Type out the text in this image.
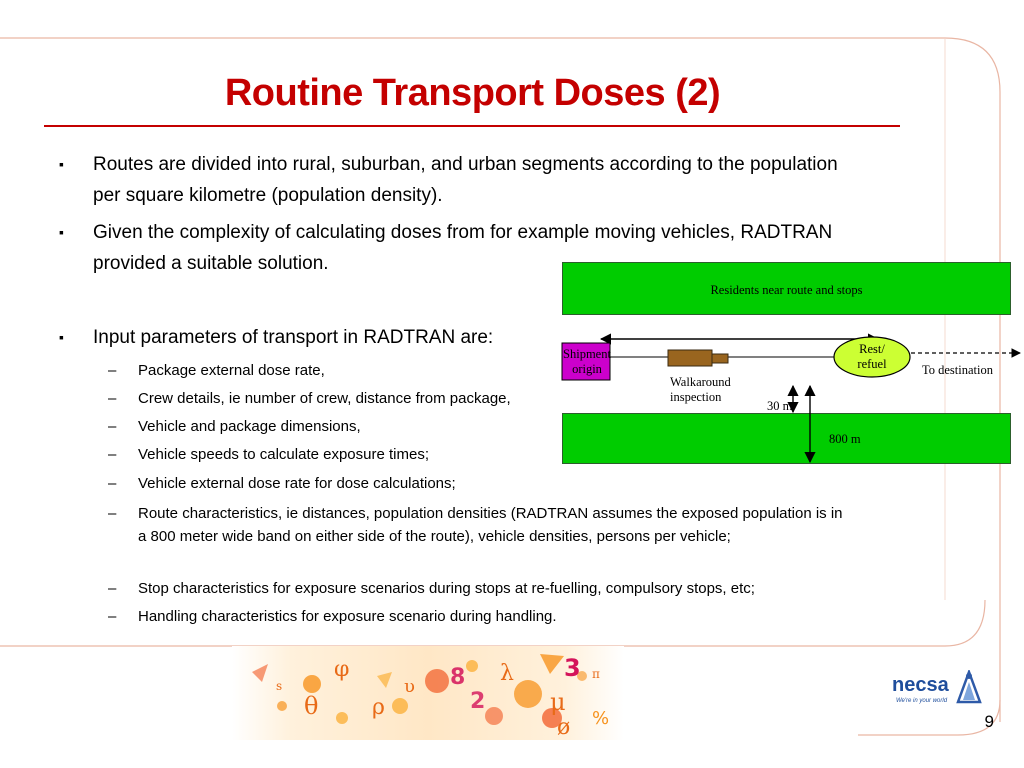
Routine Transport Doses (2)
▪ Routes are divided into rural, suburban, and urban segments according to the population per square kilometre (population density).
▪ Given the complexity of calculating doses from for example moving vehicles, RADTRAN provided a suitable solution.
▪ Input parameters of transport in RADTRAN are:
– Package external dose rate,
– Crew details, ie number of crew, distance from package,
– Vehicle and package dimensions,
– Vehicle speeds to calculate exposure times;
– Vehicle external dose rate for dose calculations;
– Route characteristics, ie distances, population densities (RADTRAN assumes the exposed population is in a 800 meter wide band on either side of the route), vehicle densities, persons per vehicle;
– Stop characteristics for exposure scenarios during stops at re-fuelling, compulsory stops, etc;
– Handling characteristics for exposure scenario during handling.
Residents near route and stops
Shipment origin
Rest/ refuel	To destination
Walkaround inspection
30 m
800 m
φ
θ ρ
υ
3
8
μ
ø %
π
s
2
λ	necsa
We're in your world
9
